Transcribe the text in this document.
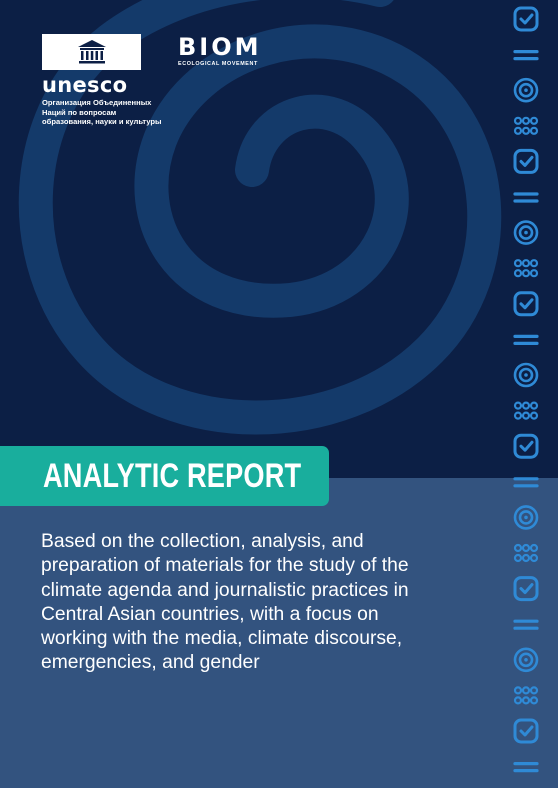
unesco
Организация Объединенных Наций по вопросам образования, науки и культуры
BIOM
ECOLOGICAL MOVEMENT
ANALYTIC REPORT
Based on the collection, analysis, and preparation of materials for the study of the climate agenda and journalistic practices in Central Asian countries, with a focus on working with the media, climate discourse, emergencies, and gender
